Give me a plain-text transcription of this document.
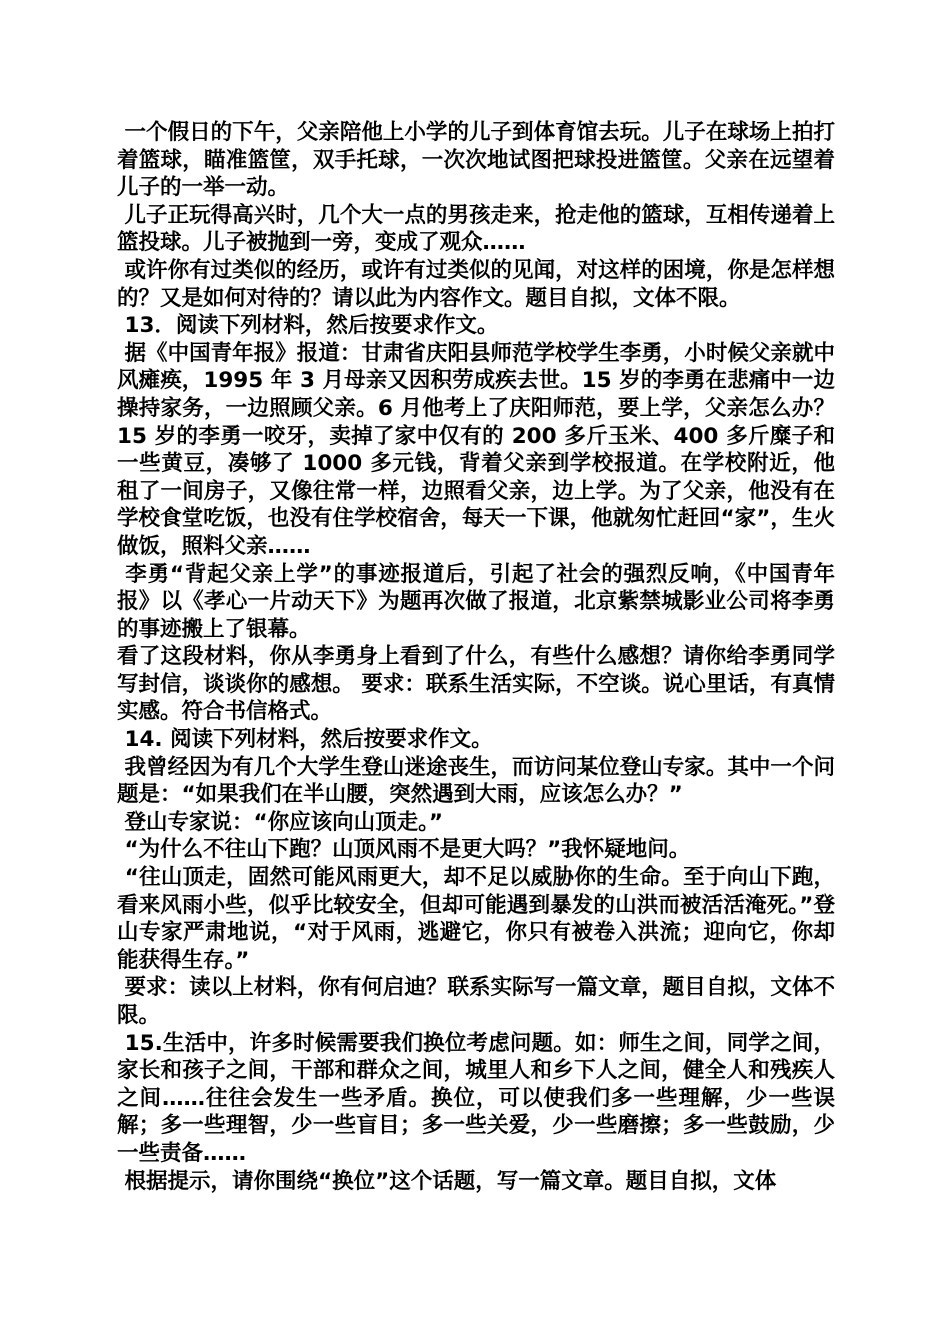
一个假日的下午，父亲陪他上小学的儿子到体育馆去玩。儿子在球场上拍打着篮球，瞄准篮筐，双手托球，一次次地试图把球投进篮筐。父亲在远望着儿子的一举一动。

儿子正玩得高兴时，几个大一点的男孩走来，抢走他的篮球，互相传递着上篮投球。儿子被抛到一旁，变成了观众……

或许你有过类似的经历，或许有过类似的见闻，对这样的困境，你是怎样想的？又是如何对待的？请以此为内容作文。题目自拟，文体不限。

13．阅读下列材料，然后按要求作文。

据《中国青年报》报道：甘肃省庆阳县师范学校学生李勇，小时候父亲就中风瘫痪，1995 年 3 月母亲又因积劳成疾去世。15 岁的李勇在悲痛中一边操持家务，一边照顾父亲。6 月他考上了庆阳师范，要上学，父亲怎么办？15 岁的李勇一咬牙，卖掉了家中仅有的 200 多斤玉米、400 多斤糜子和一些黄豆，凑够了 1000 多元钱，背着父亲到学校报道。在学校附近，他租了一间房子，又像往常一样，边照看父亲，边上学。为了父亲，他没有在学校食堂吃饭，也没有住学校宿舍，每天一下课，他就匆忙赶回“家”，生火做饭，照料父亲……

李勇“背起父亲上学”的事迹报道后，引起了社会的强烈反响，《中国青年报》以《孝心一片动天下》为题再次做了报道，北京紫禁城影业公司将李勇的事迹搬上了银幕。

看了这段材料，你从李勇身上看到了什么，有些什么感想？请你给李勇同学写封信，谈谈你的感想。 要求：联系生活实际，不空谈。说心里话，有真情实感。符合书信格式。

14. 阅读下列材料，然后按要求作文。

我曾经因为有几个大学生登山迷途丧生，而访问某位登山专家。其中一个问题是：“如果我们在半山腰，突然遇到大雨，应该怎么办？”

登山专家说：“你应该向山顶走。”

“为什么不往山下跑？山顶风雨不是更大吗？”我怀疑地问。

“往山顶走，固然可能风雨更大，却不足以威胁你的生命。至于向山下跑，看来风雨小些，似乎比较安全，但却可能遇到暴发的山洪而被活活淹死。”登山专家严肃地说，“对于风雨，逃避它，你只有被卷入洪流；迎向它，你却能获得生存。”

要求：读以上材料，你有何启迪？联系实际写一篇文章，题目自拟，文体不限。

15.生活中，许多时候需要我们换位考虑问题。如：师生之间，同学之间，家长和孩子之间，干部和群众之间，城里人和乡下人之间，健全人和残疾人之间……往往会发生一些矛盾。换位，可以使我们多一些理解，少一些误解；多一些理智，少一些盲目；多一些关爱，少一些磨擦；多一些鼓励，少一些责备……

根据提示，请你围绕“换位”这个话题，写一篇文章。题目自拟，文体
